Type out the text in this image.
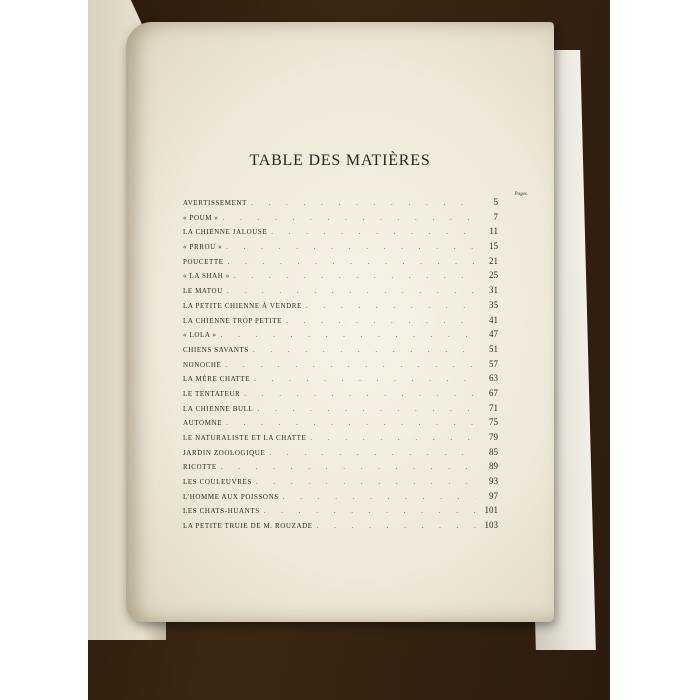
TABLE DES MATIÈRES
Pages.
AVERTISSEMENT . . .	5
« POUM » . . .	7
LA CHIENNE JALOUSE . . .	11
« PRROU » . . .	15
POUCETTE . . .	21
« LA SHAH » . . .	25
LE MATOU . . .	31
LA PETITE CHIENNE À VENDRE . . .	35
LA CHIENNE TROP PETITE . . .	41
« LOLA » . . .	47
CHIENS SAVANTS . . .	51
NONOCHE . . .	57
LA MÈRE CHATTE . . .	63
LE TENTATEUR . . .	67
LA CHIENNE BULL . . .	71
AUTOMNE . . .	75
LE NATURALISTE ET LA CHATTE . . .	79
JARDIN ZOOLOGIQUE . . .	85
RICOTTE . . .	89
LES COULEUVRES . . .	93
L'HOMME AUX POISSONS . . .	97
LES CHATS-HUANTS . . .	101
LA PETITE TRUIE DE M. ROUZADE . . .	103
